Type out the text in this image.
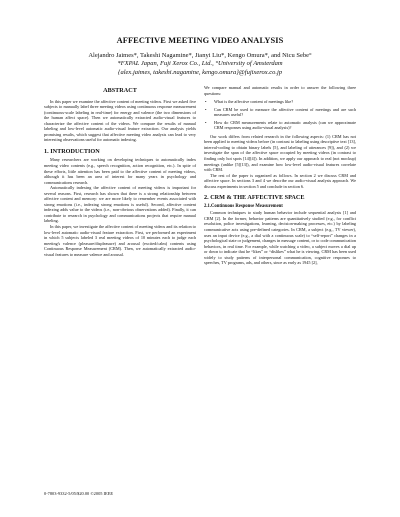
AFFECTIVE MEETING VIDEO ANALYSIS
Alejandro Jaimes*, Takeshi Nagamine*, Jianyi Liu*, Kengo Omura*, and Nicu Sebe°
*FXPAL Japan, Fuji Xerox Co., Ltd., °University of Amsterdam
{alex.jaimes, takeshi.nagamine, kengo.omura}@fujixerox.co.jp
ABSTRACT

In this paper we examine the affective content of meeting videos. First we asked five subjects to manually label three meeting videos using continuous response measurement (continuous-scale labeling in real-time) for energy and valence (the two dimensions of the human affect space). Then we automatically extracted audio-visual features to characterize the affective content of the videos. We compare the results of manual labeling and low-level automatic audio-visual feature extraction. Our analysis yields promising results, which suggest that affective meeting video analysis can lead to very interesting observations useful for automatic indexing.

1. INTRODUCTION

Many researchers are working on developing techniques to automatically index meeting video contents (e.g., speech recognition, action recognition, etc.). In spite of these efforts, little attention has been paid to the affective content of meeting videos, although it has been an area of interest for many years in psychology and communications research.

Automatically indexing the affective content of meeting videos is important for several reasons. First, research has shown that there is a strong relationship between affective content and memory: we are more likely to remember events associated with strong emotions (i.e., indexing strong emotions is useful). Second, affective content indexing adds value to the videos (i.e., non-obvious observations added). Finally, it can contribute to research in psychology and communications projects that require manual labeling.

In this paper, we investigate the affective content of meeting videos and its relation to low-level automatic audio-visual feature extraction. First, we performed an experiment in which 5 subjects labeled 3 real meeting videos of 10 minutes each to judge each meeting's valence (pleasure/displeasure) and arousal (excited/calm) contents using Continuous Response Measurement (CRM). Then, we automatically extracted audio-visual features to measure valence and arousal.

We compare manual and automatic results in order to answer the following three questions:

• What is the affective content of meetings like?
• Can CRM be used to measure the affective content of meetings and are such measures useful?
• How do CRM measurements relate to automatic analysis (can we approximate CRM responses using audio-visual analysis)?

Our work differs from related research in the following aspects: (1) CRM has not been applied to meeting videos before (in contrast to labeling using descriptive text [13], interval-coding to obtain binary labels [5], and labeling of utterances [9]), and (2) we investigate the span of the affective space occupied by meeting videos (in contrast to finding only hot spots [14][4]). In addition, we apply our approach to real (not mockup) meetings (unlike [5][13]), and examine how low-level audio-visual features correlate with CRM.

The rest of the paper is organized as follows. In section 2 we discuss CRM and affective space. In sections 3 and 4 we describe our audio-visual analysis approach. We discuss experiments in section 5 and conclude in section 6.

2. CRM & THE AFFECTIVE SPACE
2.1.Continuous Response Measurement

Common techniques to study human behavior include sequential analysis [1] and CRM [2]. In the former, behavior patterns are quantitatively studied (e.g., for conflict resolution, police investigations, learning, decision-making processes, etc.) by labeling communicative acts using pre-defined categories. In CRM, a subject (e.g., TV viewer), uses an input device (e.g., a dial with a continuous scale) to “self-report” changes in a psychological state or judgement, changes in message content, or to code communication behaviors, in real time. For example, while watching a video, a subject moves a dial up or down to indicate that he “likes” or “dislikes” what he is viewing. CRM has been used widely to study patterns of interpersonal communication, cognitive responses to speeches, TV programs, ads, and others, since as early as 1945 [2],

0-7803-9332-5/05/$20.00 ©2005 IEEE
